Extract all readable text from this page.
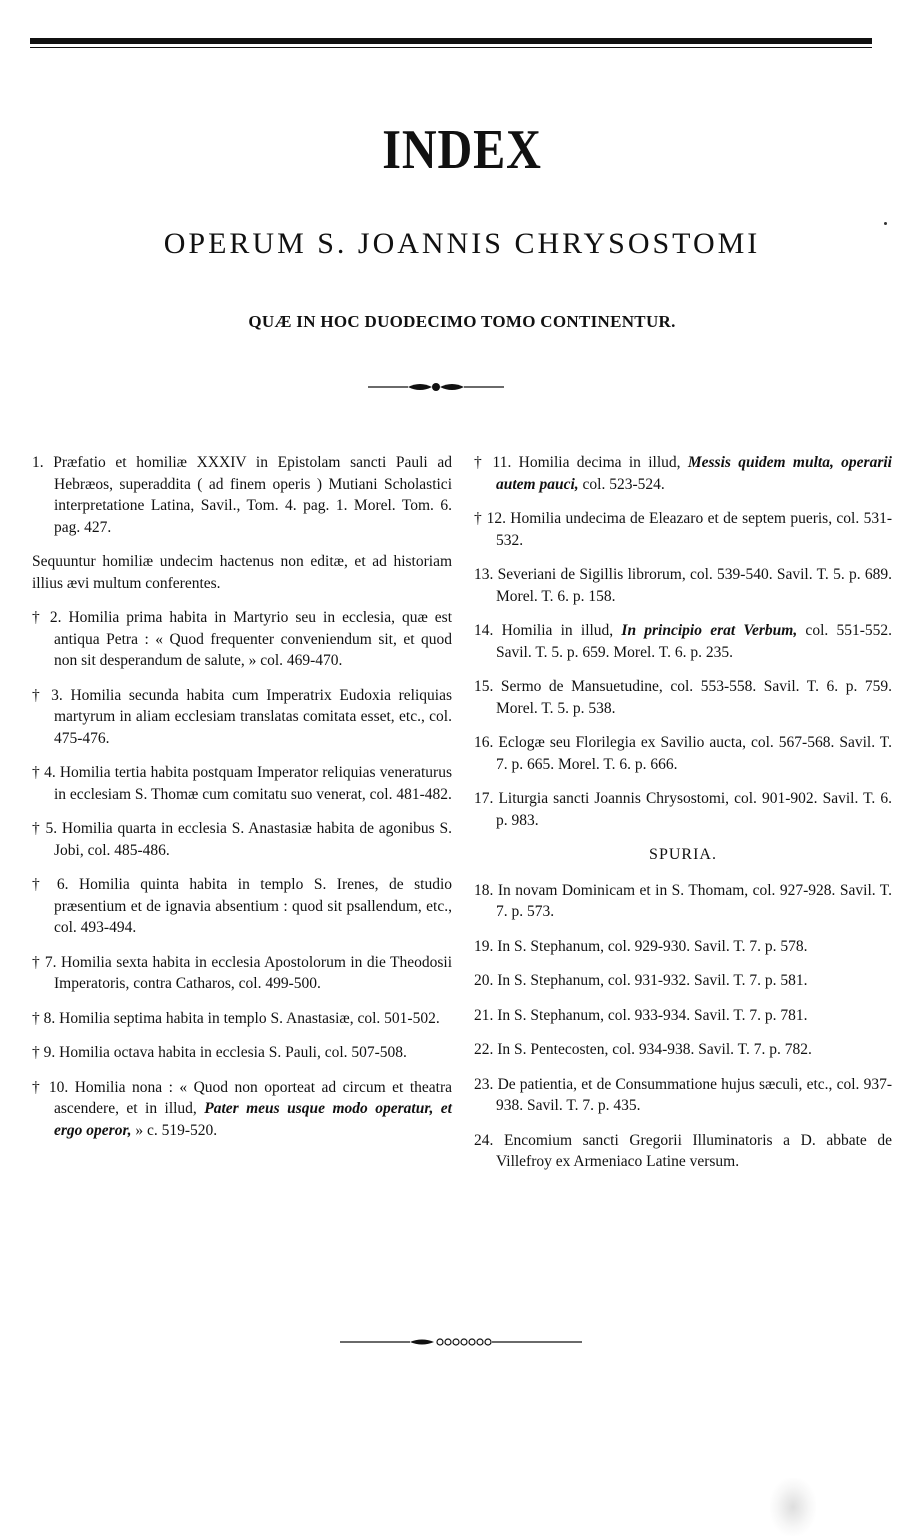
INDEX
OPERUM S. JOANNIS CHRYSOSTOMI
QUÆ IN HOC DUODECIMO TOMO CONTINENTUR.
1. Præfatio et homiliæ XXXIV in Epistolam sancti Pauli ad Hebræos, superaddita ( ad finem operis ) Mutiani Scholastici interpretatione Latina, Savil., Tom. 4. pag. 1. Morel. Tom. 6. pag. 427.
Sequuntur homiliæ undecim hactenus non editæ, et ad historiam illius ævi multum conferentes.
† 2. Homilia prima habita in Martyrio seu in ecclesia, quæ est antiqua Petra : « Quod frequenter conveniendum sit, et quod non sit desperandum de salute, » col. 469-470.
† 3. Homilia secunda habita cum Imperatrix Eudoxia reliquias martyrum in aliam ecclesiam translatas comitata esset, etc., col. 475-476.
† 4. Homilia tertia habita postquam Imperator reliquias veneraturus in ecclesiam S. Thomæ cum comitatu suo venerat, col. 481-482.
† 5. Homilia quarta in ecclesia S. Anastasiæ habita de agonibus S. Jobi, col. 485-486.
† 6. Homilia quinta habita in templo S. Irenes, de studio præsentium et de ignavia absentium : quod sit psallendum, etc., col. 493-494.
† 7. Homilia sexta habita in ecclesia Apostolorum in die Theodosii Imperatoris, contra Catharos, col. 499-500.
† 8. Homilia septima habita in templo S. Anastasiæ, col. 501-502.
† 9. Homilia octava habita in ecclesia S. Pauli, col. 507-508.
† 10. Homilia nona : « Quod non oporteat ad circum et theatra ascendere, et in illud, Pater meus usque modo operatur, et ergo operor, » c. 519-520.
† 11. Homilia decima in illud, Messis quidem multa, operarii autem pauci, col. 523-524.
† 12. Homilia undecima de Eleazaro et de septem pueris, col. 531-532.
13. Severiani de Sigillis librorum, col. 539-540. Savil. T. 5. p. 689. Morel. T. 6. p. 158.
14. Homilia in illud, In principio erat Verbum, col. 551-552. Savil. T. 5. p. 659. Morel. T. 6. p. 235.
15. Sermo de Mansuetudine, col. 553-558. Savil. T. 6. p. 759. Morel. T. 5. p. 538.
16. Eclogæ seu Florilegia ex Savilio aucta, col. 567-568. Savil. T. 7. p. 665. Morel. T. 6. p. 666.
17. Liturgia sancti Joannis Chrysostomi, col. 901-902. Savil. T. 6. p. 983.
SPURIA.
18. In novam Dominicam et in S. Thomam, col. 927-928. Savil. T. 7. p. 573.
19. In S. Stephanum, col. 929-930. Savil. T. 7. p. 578.
20. In S. Stephanum, col. 931-932. Savil. T. 7. p. 581.
21. In S. Stephanum, col. 933-934. Savil. T. 7. p. 781.
22. In S. Pentecosten, col. 934-938. Savil. T. 7. p. 782.
23. De patientia, et de Consummatione hujus sæculi, etc., col. 937-938. Savil. T. 7. p. 435.
24. Encomium sancti Gregorii Illuminatoris a D. abbate de Villefroy ex Armeniaco Latine versum.
